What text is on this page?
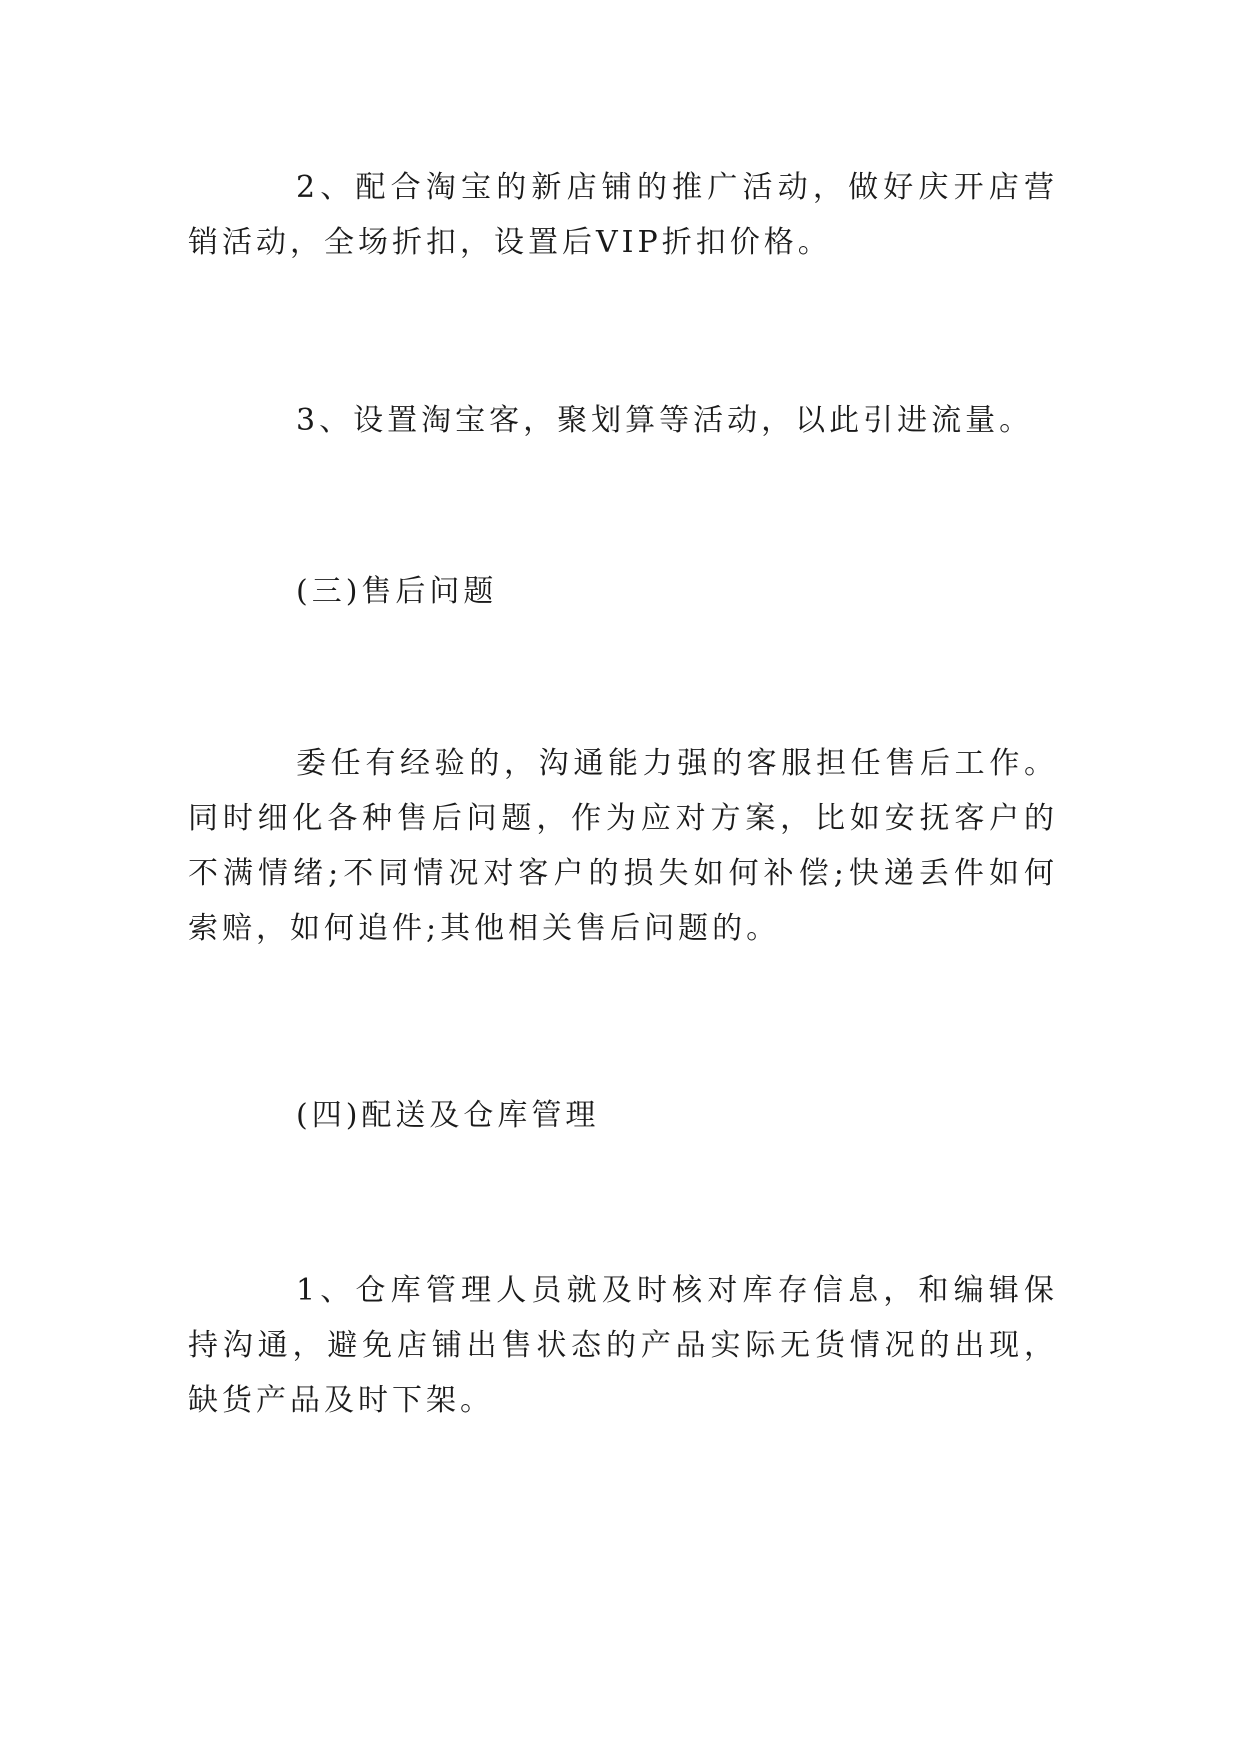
2、配合淘宝的新店铺的推广活动，做好庆开店营销活动，全场折扣，设置后VIP折扣价格。

3、设置淘宝客，聚划算等活动，以此引进流量。

(三)售后问题

委任有经验的，沟通能力强的客服担任售后工作。同时细化各种售后问题，作为应对方案，比如安抚客户的不满情绪;不同情况对客户的损失如何补偿;快递丢件如何索赔，如何追件;其他相关售后问题的。

(四)配送及仓库管理

1、仓库管理人员就及时核对库存信息，和编辑保持沟通，避免店铺出售状态的产品实际无货情况的出现，缺货产品及时下架。
